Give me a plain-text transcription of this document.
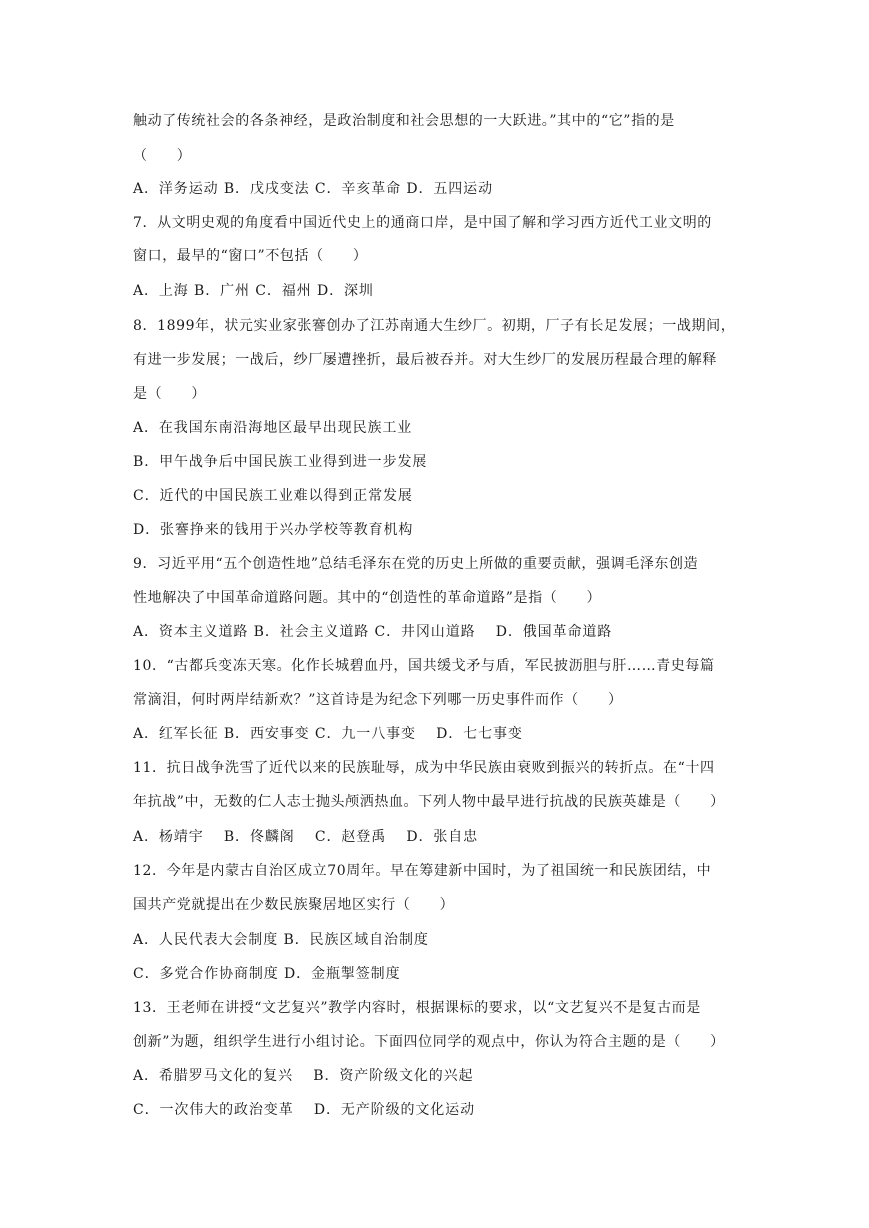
触动了传统社会的各条神经，是政治制度和社会思想的一大跃进。”其中的“它”指的是
（　　）
A．洋务运动 B．戊戌变法 C．辛亥革命 D．五四运动
7．从文明史观的角度看中国近代史上的通商口岸，是中国了解和学习西方近代工业文明的
窗口，最早的“窗口”不包括（　　）
A．上海 B．广州 C．福州 D．深圳
8．1899年，状元实业家张謇创办了江苏南通大生纱厂。初期，厂子有长足发展；一战期间，
有进一步发展；一战后，纱厂屡遭挫折，最后被吞并。对大生纱厂的发展历程最合理的解释
是（　　）
A．在我国东南沿海地区最早出现民族工业
B．甲午战争后中国民族工业得到进一步发展
C．近代的中国民族工业难以得到正常发展
D．张謇挣来的钱用于兴办学校等教育机构
9．习近平用“五个创造性地”总结毛泽东在党的历史上所做的重要贡献，强调毛泽东创造
性地解决了中国革命道路问题。其中的“创造性的革命道路”是指（　　）
A．资本主义道路 B．社会主义道路 C．井冈山道路　 D．俄国革命道路
10．“古都兵变冻天寒。化作长城碧血丹，国共缓戈矛与盾，军民披沥胆与肝……青史每篇
常滴泪，何时两岸结新欢？”这首诗是为纪念下列哪一历史事件而作（　　）
A．红军长征 B．西安事变 C．九一八事变　 D．七七事变
11．抗日战争洗雪了近代以来的民族耻辱，成为中华民族由衰败到振兴的转折点。在“十四
年抗战”中，无数的仁人志士抛头颅洒热血。下列人物中最早进行抗战的民族英雄是（　　）
A．杨靖宇　 B．佟麟阁　 C．赵登禹　 D．张自忠
12．今年是内蒙古自治区成立70周年。早在筹建新中国时，为了祖国统一和民族团结，中
国共产党就提出在少数民族聚居地区实行（　　）
A．人民代表大会制度 B．民族区域自治制度
C．多党合作协商制度 D．金瓶掣签制度
13．王老师在讲授“文艺复兴”教学内容时，根据课标的要求，以“文艺复兴不是复古而是
创新”为题，组织学生进行小组讨论。下面四位同学的观点中，你认为符合主题的是（　　）
A．希腊罗马文化的复兴　 B．资产阶级文化的兴起
C．一次伟大的政治变革　 D．无产阶级的文化运动
